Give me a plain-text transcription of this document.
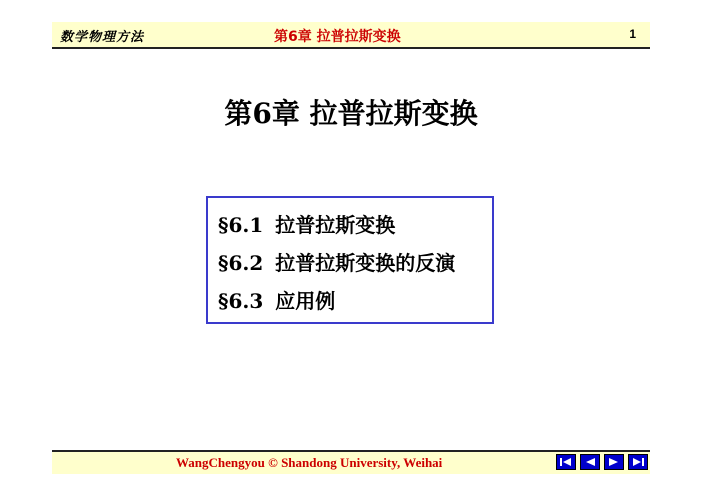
数学物理方法	第6章 拉普拉斯变换	1
第6章 拉普拉斯变换
§6.1 拉普拉斯变换
§6.2 拉普拉斯变换的反演
§6.3 应用例
WangChengyou © Shandong University, Weihai
